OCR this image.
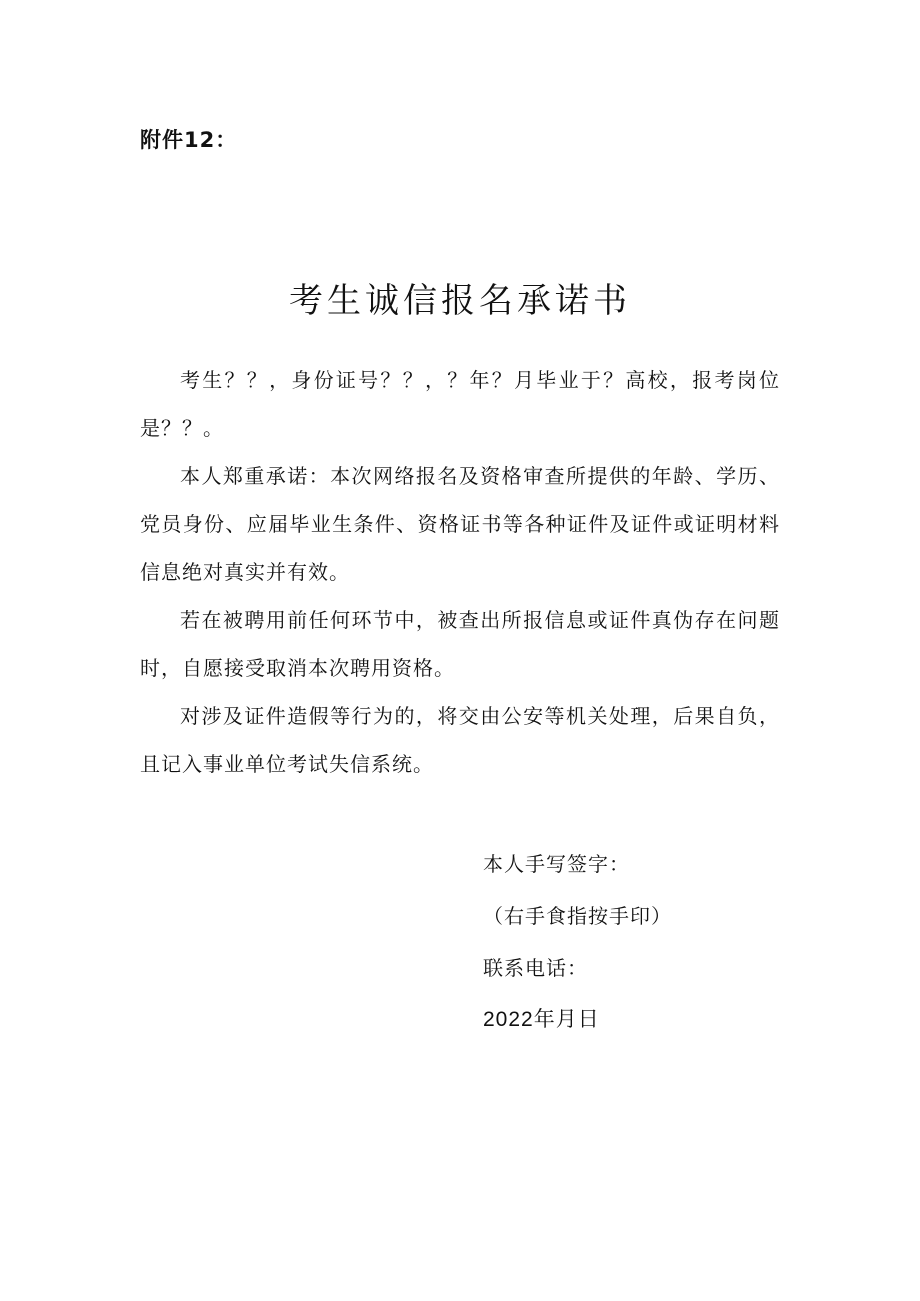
附件12：
考生诚信报名承诺书

考生？？，身份证号？？，？年？月毕业于？高校，报考岗位是？？。

本人郑重承诺：本次网络报名及资格审查所提供的年龄、学历、党员身份、应届毕业生条件、资格证书等各种证件及证件或证明材料信息绝对真实并有效。

若在被聘用前任何环节中，被查出所报信息或证件真伪存在问题时，自愿接受取消本次聘用资格。

对涉及证件造假等行为的，将交由公安等机关处理，后果自负，且记入事业单位考试失信系统。

本人手写签字：
（右手食指按手印）
联系电话：
2022年月日
